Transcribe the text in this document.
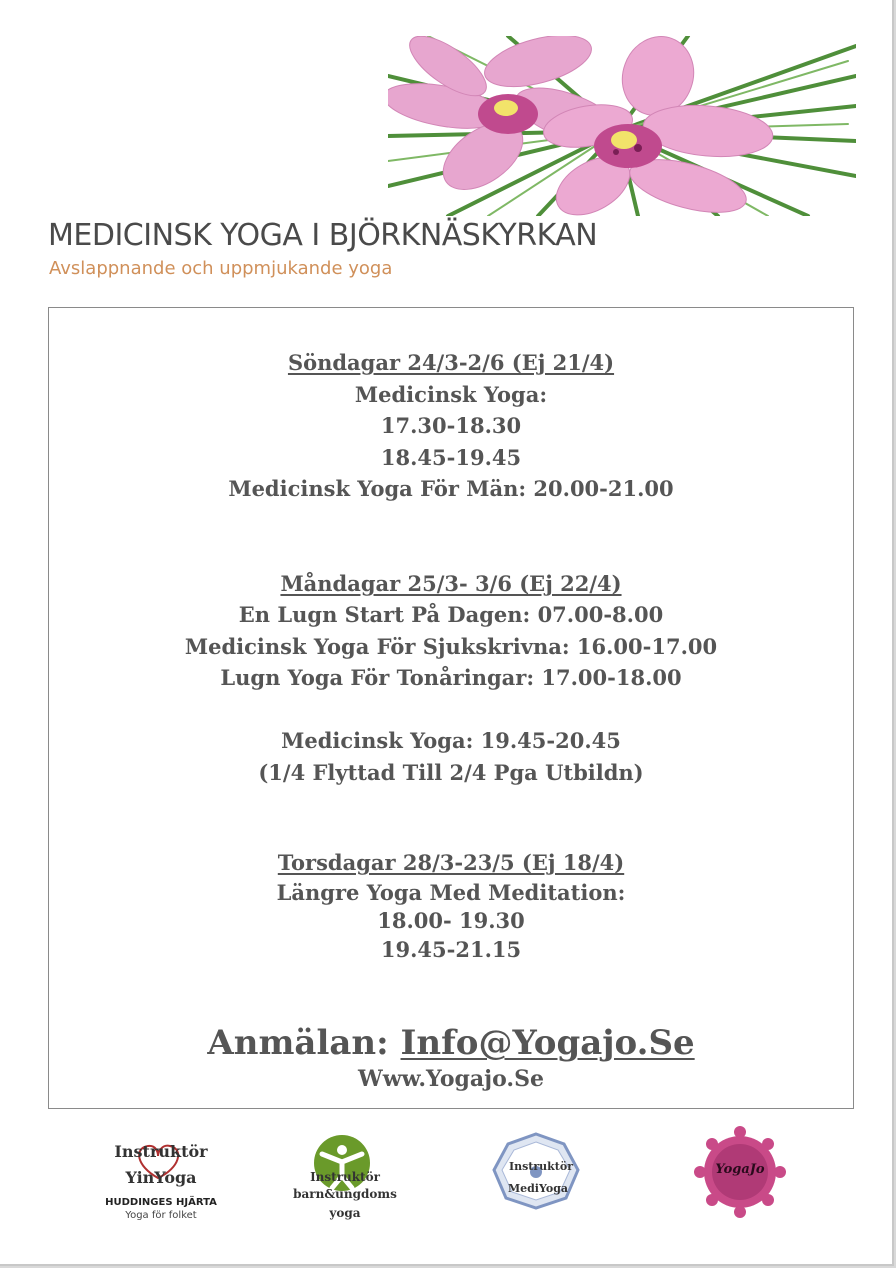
MEDICINSK YOGA I BJÖRKNÄSKYRKAN
Avslappnande och uppmjukande yoga
Söndagar 24/3-2/6 (Ej 21/4)
Medicinsk Yoga:
17.30-18.30
18.45-19.45
Medicinsk Yoga För Män: 20.00-21.00
Måndagar 25/3- 3/6 (Ej 22/4)
En Lugn Start På Dagen: 07.00-8.00
Medicinsk Yoga För Sjukskrivna: 16.00-17.00
Lugn Yoga För Tonåringar: 17.00-18.00
Medicinsk Yoga: 19.45-20.45
(1/4 Flyttad Till 2/4 Pga Utbildn)
Torsdagar 28/3-23/5 (Ej 18/4)
Längre Yoga Med Meditation:
18.00- 19.30
19.45-21.15
Anmälan: Info@Yogajo.Se
Www.Yogajo.Se
Instruktör
YinYoga
HUDDINGES HJÄRTA
Yoga för folket
Instruktör
barn&ungdoms
yoga
Instruktör
MediYoga
YogaJo
